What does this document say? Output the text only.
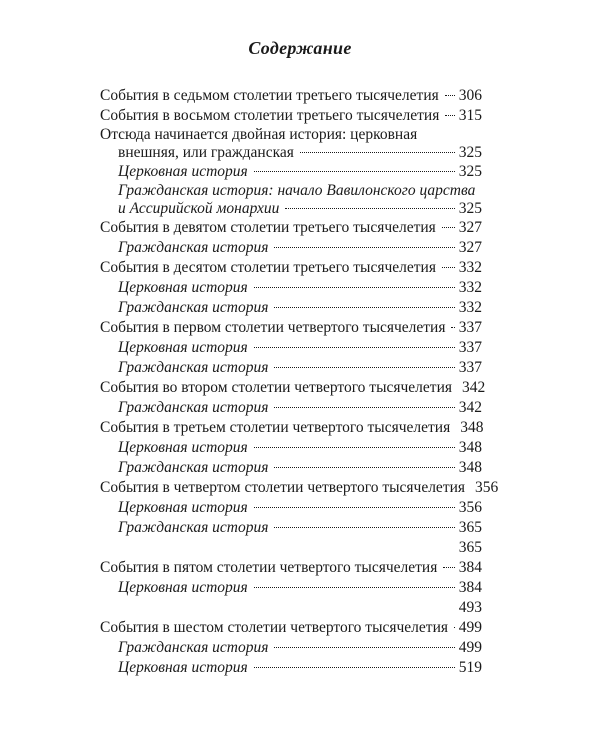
Содержание
События в седьмом столетии третьего тысячелетия 306
События в восьмом столетии третьего тысячелетия 315
Отсюда начинается двойная история: церковная
внешняя, или гражданская	325
Церковная история	325
Гражданская история: начало Вавилонского царства
и Ассирийской монархии	325
События в девятом столетии третьего тысячелетия 327
Гражданская история	327
События в десятом столетии третьего тысячелетия 332
Церковная история	332
Гражданская история	332
События в первом столетии четвертого тысячелетия 337
Церковная история	337
Гражданская история	337
События во втором столетии четвертого тысячелетия 342
Гражданская история	342
События в третьем столетии четвертого тысячелетия 348
Церковная история	348
Гражданская история	348
События в четвертом столетии четвертого тысячелетия 356
Церковная история	356
Гражданская история	365
365
События в пятом столетии четвертого тысячелетия 384
Церковная история	384
493
События в шестом столетии четвертого тысячелетия 499
Гражданская история	499
Церковная история	519
